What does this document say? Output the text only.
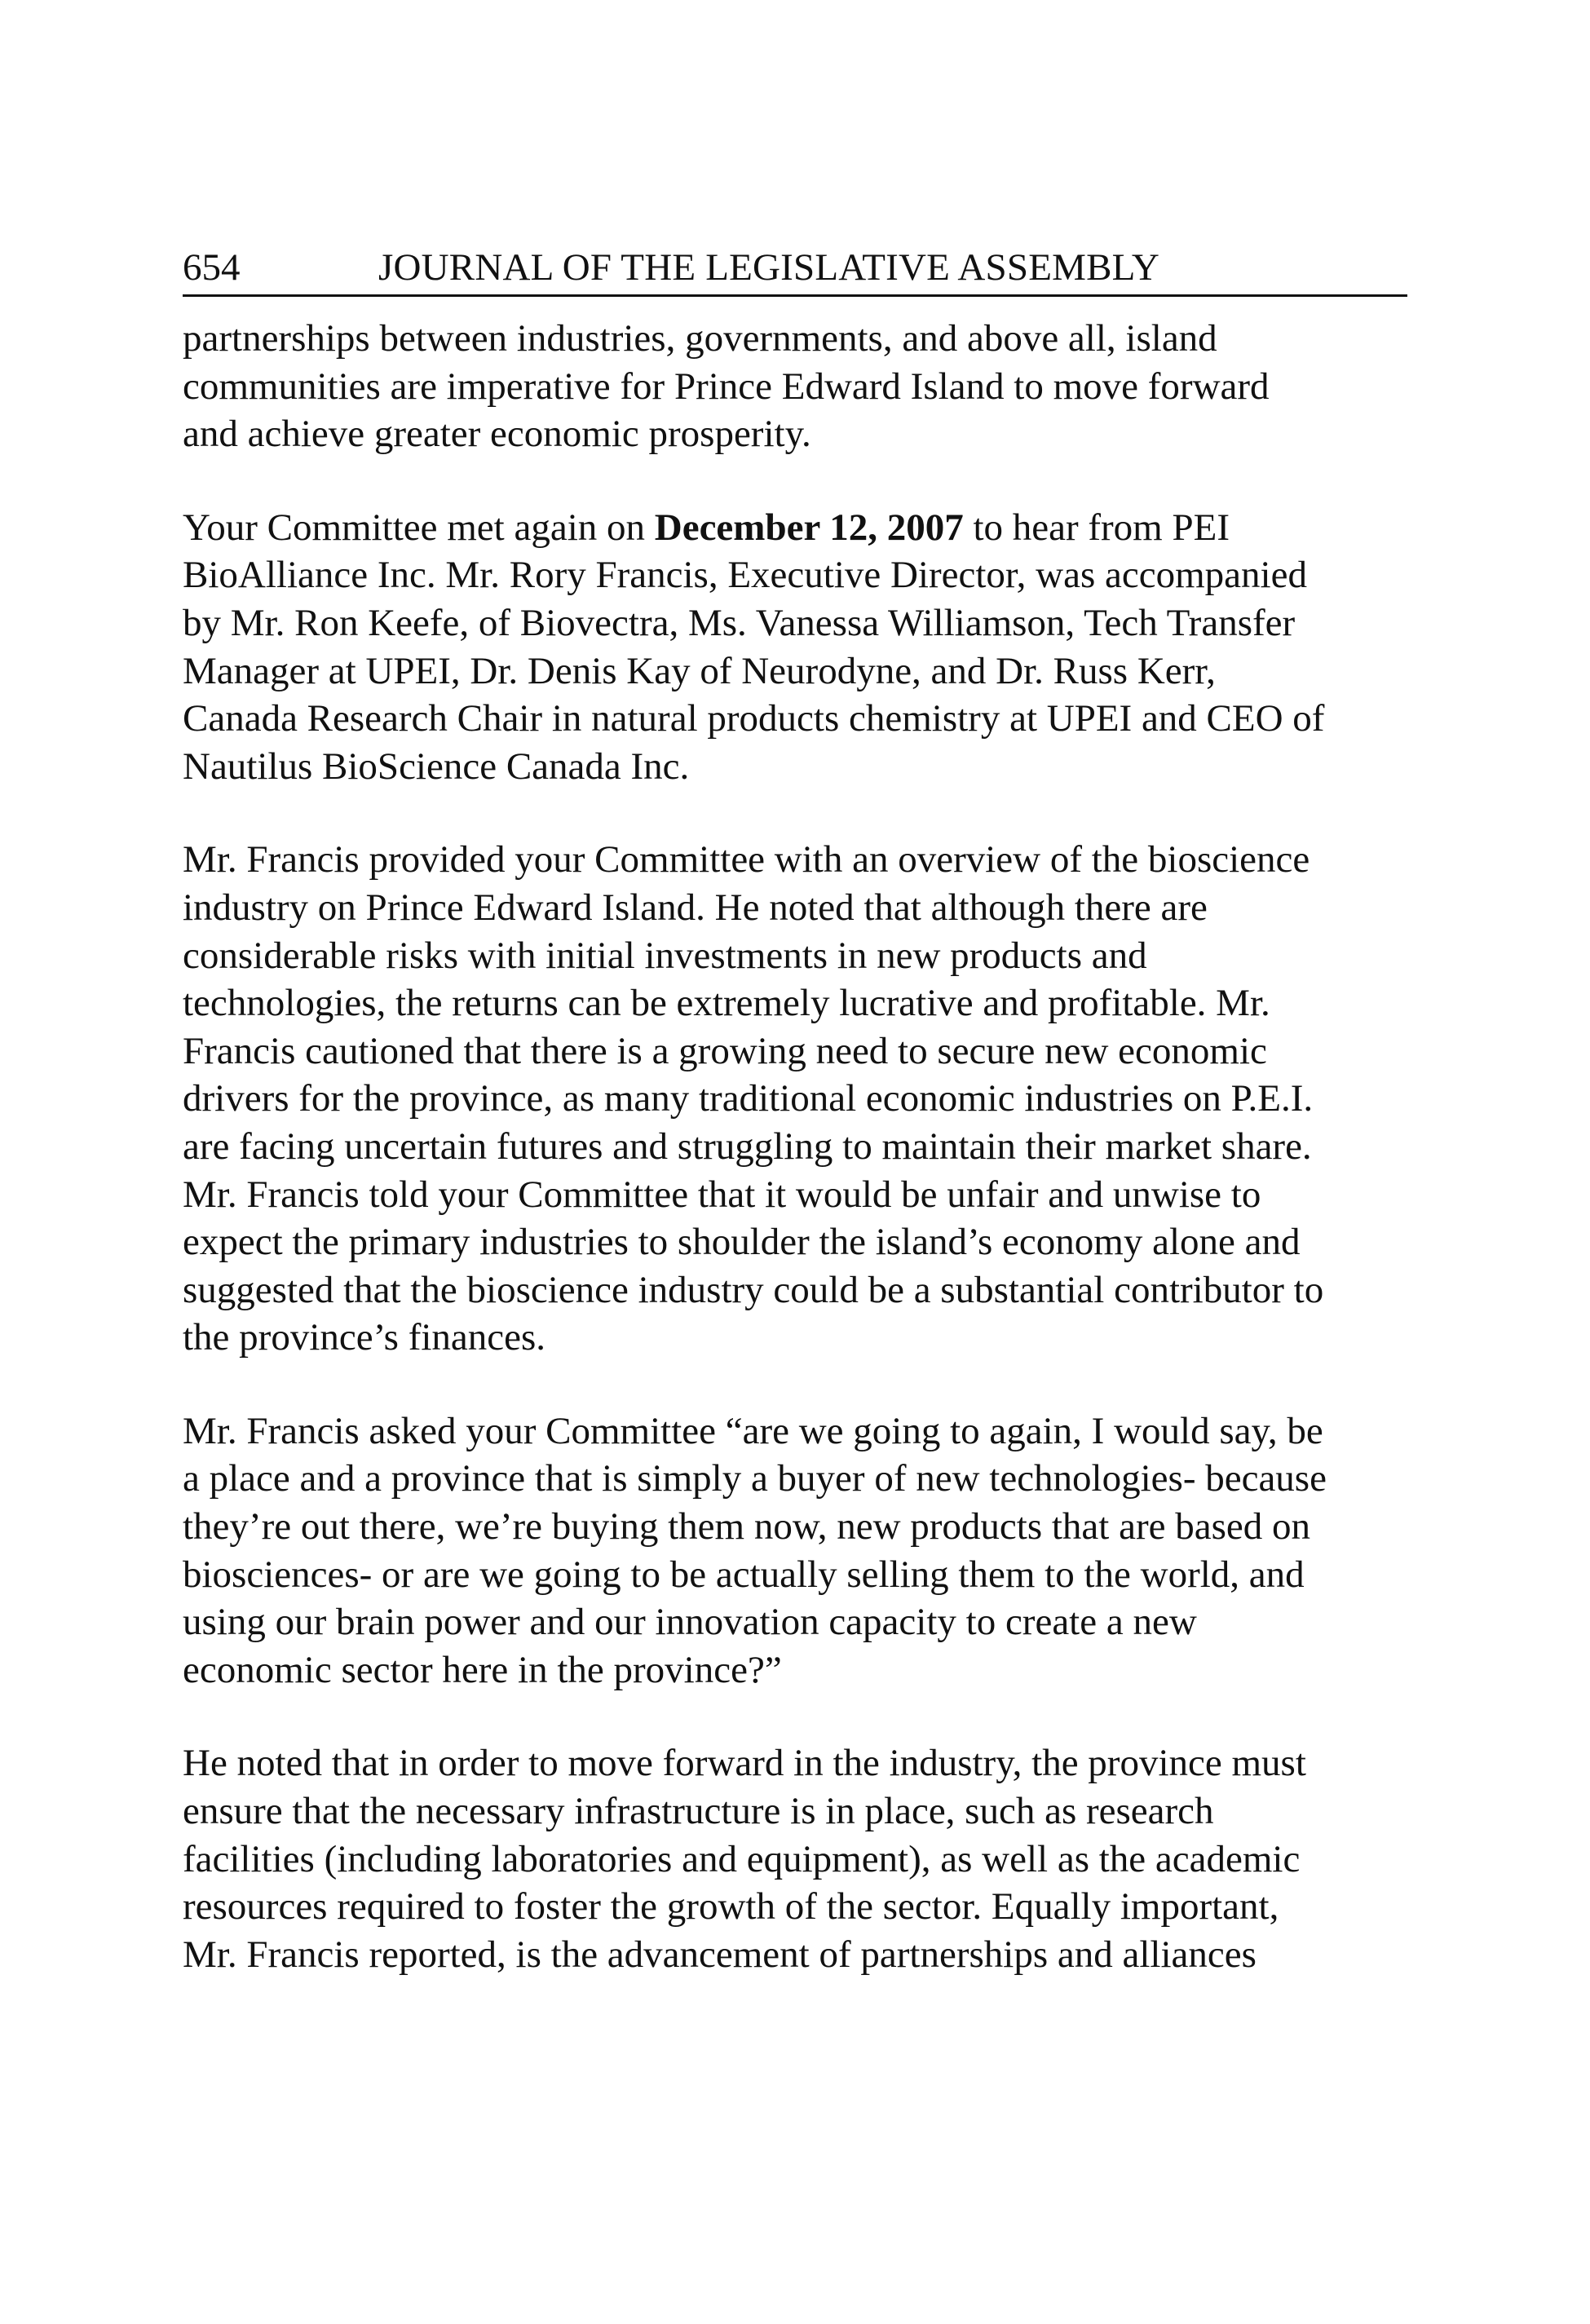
654	JOURNAL OF THE LEGISLATIVE ASSEMBLY

partnerships between industries, governments, and above all, island
communities are imperative for Prince Edward Island to move forward
and achieve greater economic prosperity.

Your Committee met again on December 12, 2007 to hear from PEI
BioAlliance Inc. Mr. Rory Francis, Executive Director, was accompanied
by Mr. Ron Keefe, of Biovectra, Ms. Vanessa Williamson, Tech Transfer
Manager at UPEI, Dr. Denis Kay of Neurodyne, and Dr. Russ Kerr,
Canada Research Chair in natural products chemistry at UPEI and CEO of
Nautilus BioScience Canada Inc.

Mr. Francis provided your Committee with an overview of the bioscience
industry on Prince Edward Island. He noted that although there are
considerable risks with initial investments in new products and
technologies, the returns can be extremely lucrative and profitable. Mr.
Francis cautioned that there is a growing need to secure new economic
drivers for the province, as many traditional economic industries on P.E.I.
are facing uncertain futures and struggling to maintain their market share.
Mr. Francis told your Committee that it would be unfair and unwise to
expect the primary industries to shoulder the island’s economy alone and
suggested that the bioscience industry could be a substantial contributor to
the province’s finances.

Mr. Francis asked your Committee “are we going to again, I would say, be
a place and a province that is simply a buyer of new technologies- because
they’re out there, we’re buying them now, new products that are based on
biosciences- or are we going to be actually selling them to the world, and
using our brain power and our innovation capacity to create a new
economic sector here in the province?”

He noted that in order to move forward in the industry, the province must
ensure that the necessary infrastructure is in place, such as research
facilities (including laboratories and equipment), as well as the academic
resources required to foster the growth of the sector. Equally important,
Mr. Francis reported, is the advancement of partnerships and alliances
